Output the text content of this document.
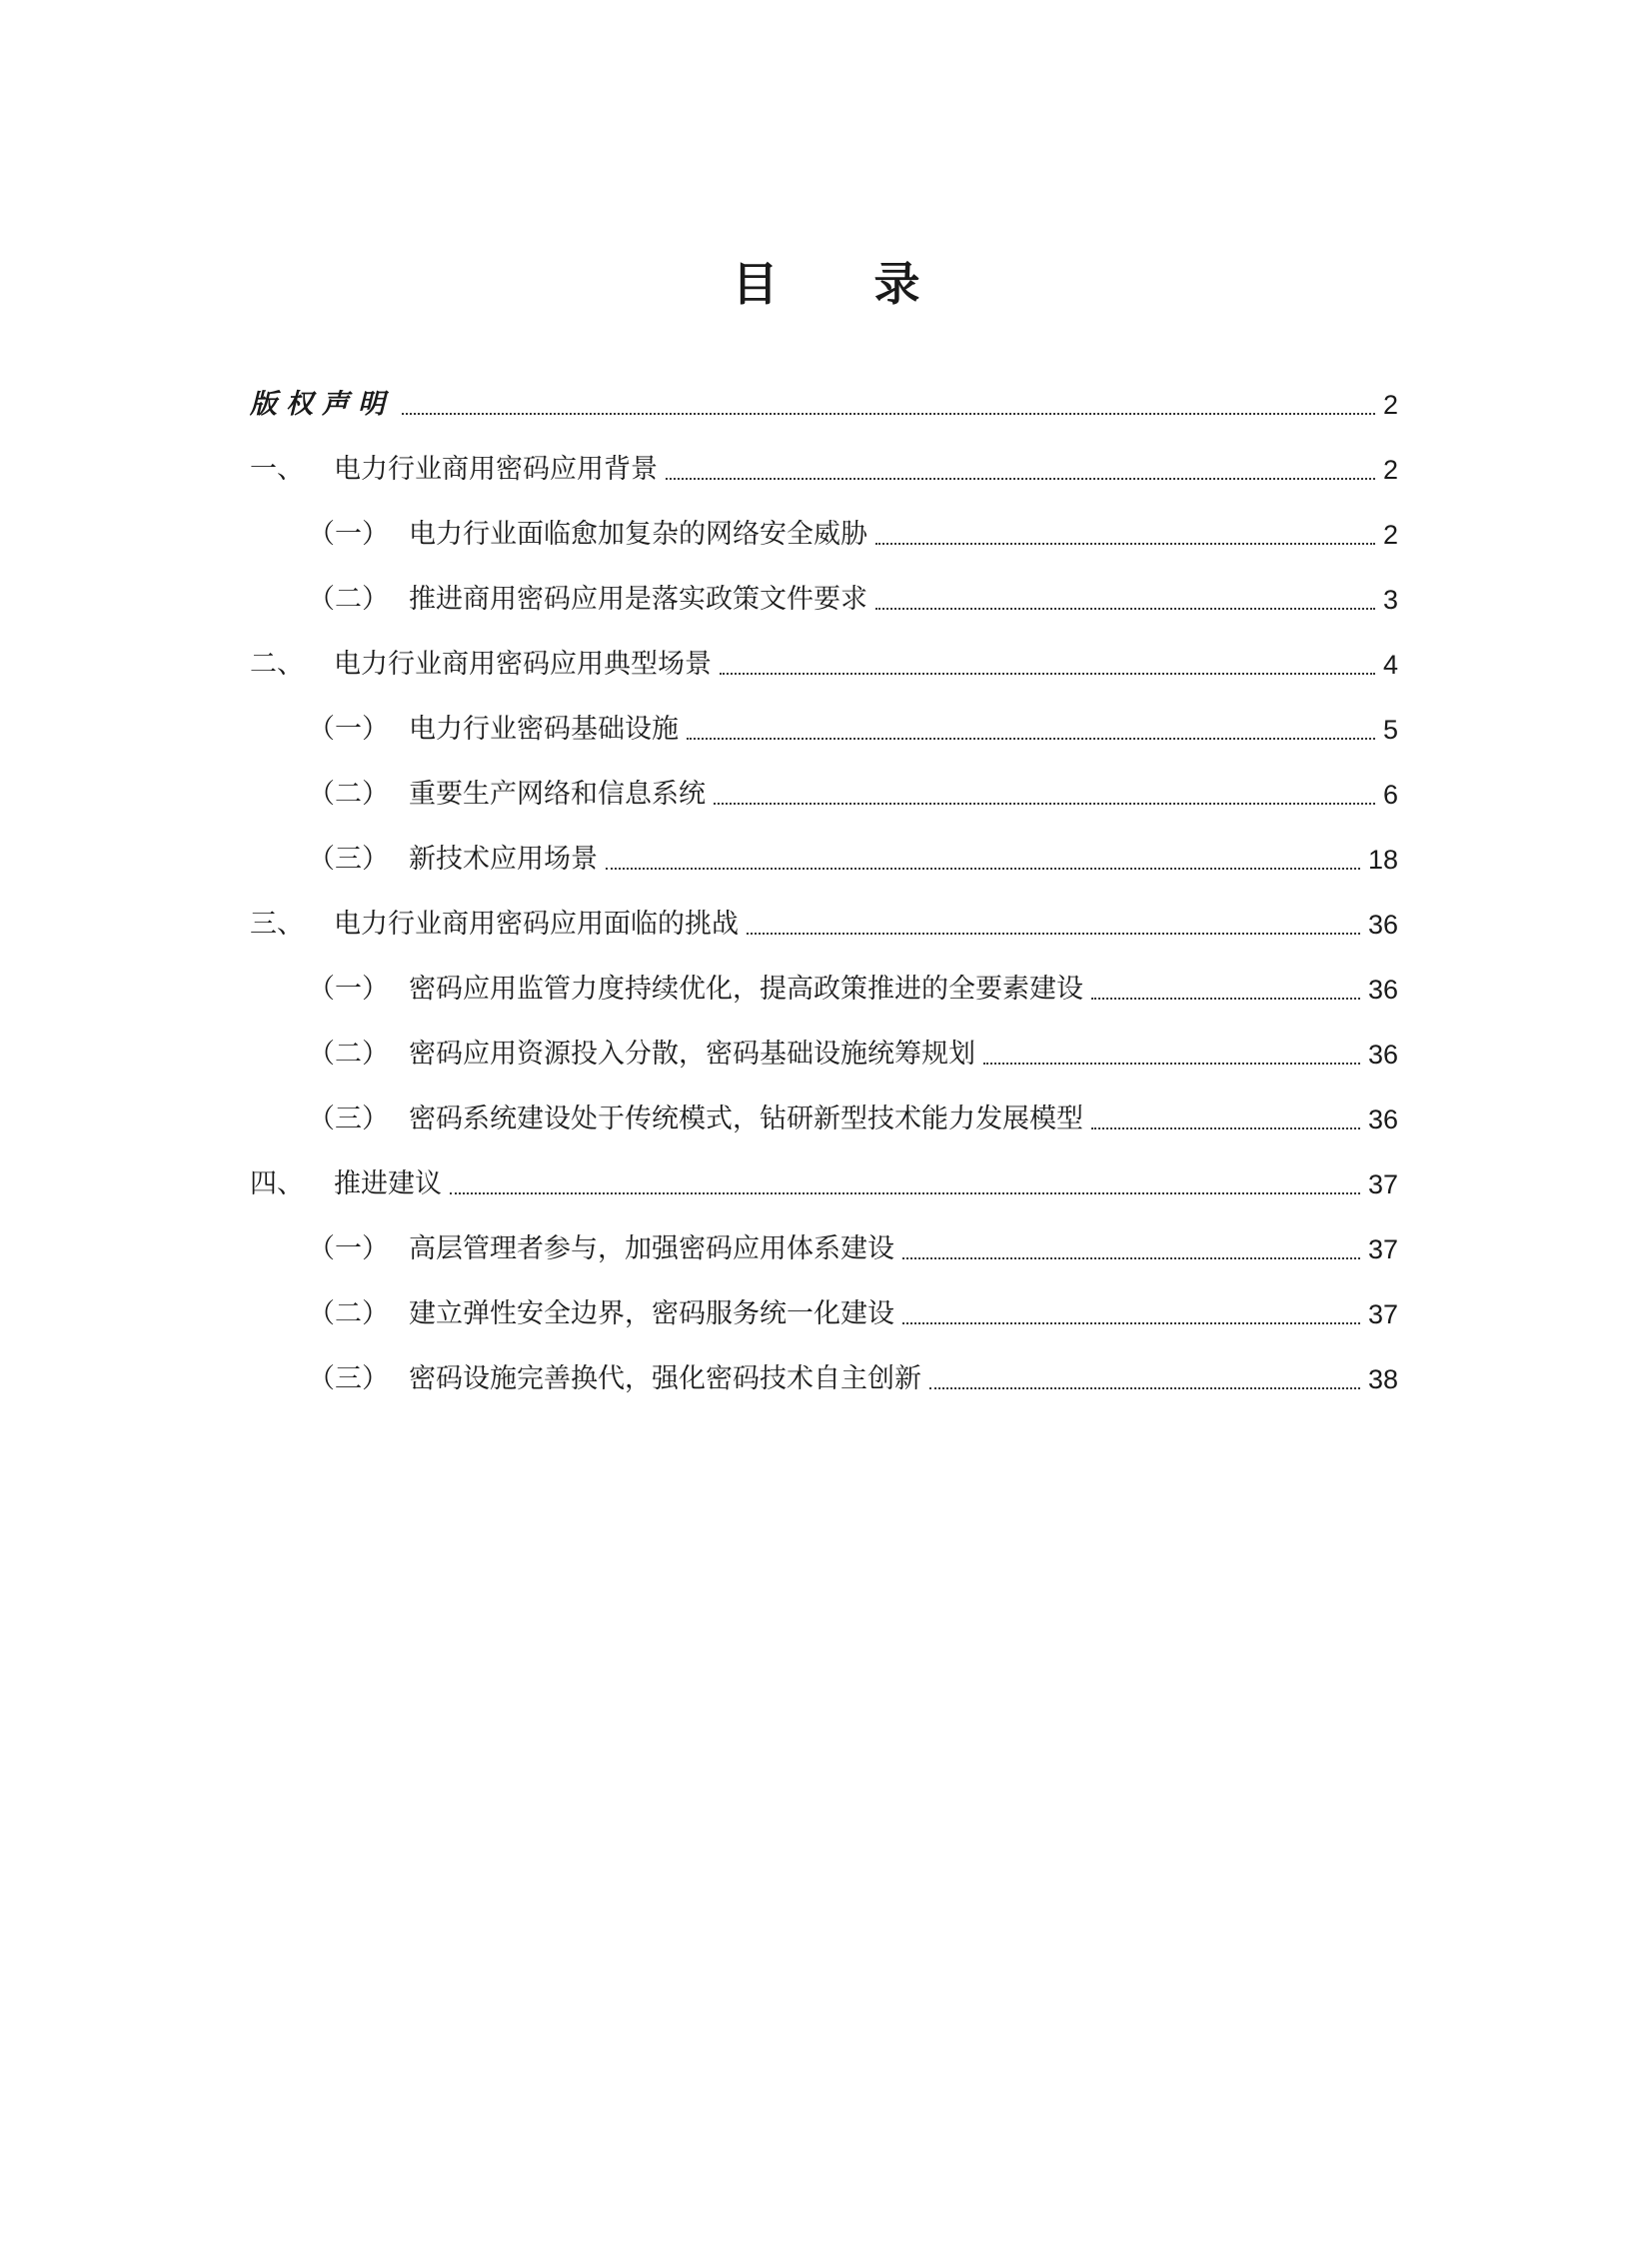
目 录
版权声明	2
一、 电力行业商用密码应用背景	2
（一） 电力行业面临愈加复杂的网络安全威胁	2
（二） 推进商用密码应用是落实政策文件要求	3
二、 电力行业商用密码应用典型场景	4
（一） 电力行业密码基础设施	5
（二） 重要生产网络和信息系统	6
（三） 新技术应用场景	18
三、 电力行业商用密码应用面临的挑战	36
（一） 密码应用监管力度持续优化，提高政策推进的全要素建设	36
（二） 密码应用资源投入分散，密码基础设施统筹规划	36
（三） 密码系统建设处于传统模式，钻研新型技术能力发展模型	36
四、 推进建议	37
（一） 高层管理者参与，加强密码应用体系建设	37
（二） 建立弹性安全边界，密码服务统一化建设	37
（三） 密码设施完善换代，强化密码技术自主创新	38
